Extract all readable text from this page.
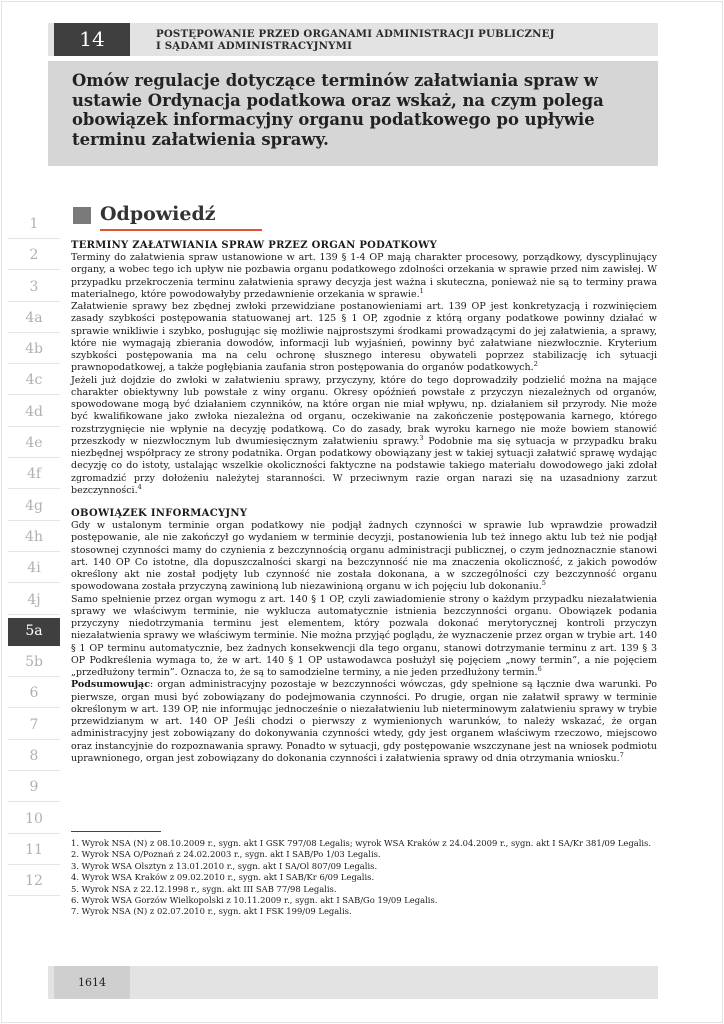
14	POSTĘPOWANIE PRZED ORGANAMI ADMINISTRACJI PUBLICZNEJ
I SĄDAMI ADMINISTRACYJNYMI

Omów regulacje dotyczące terminów załatwiania spraw w ustawie Ordynacja podatkowa oraz wskaż, na czym polega obowiązek informacyjny organu podatkowego po upływie terminu załatwienia sprawy.

1
2
3
4a
4b
4c
4d
4e
4f
4g
4h
4i
4j
5a
5b
6
7
8
9
10
11
12
Odpowiedź
TERMINY ZAŁATWIANIA SPRAW PRZEZ ORGAN PODATKOWY

Terminy do załatwienia spraw ustanowione w art. 139 § 1-4 OP mają charakter procesowy, porządkowy, dyscyplinujący organy, a wobec tego ich upływ nie pozbawia organu podatkowego zdolności orzekania w sprawie przed nim zawisłej. W przypadku przekroczenia terminu załatwienia sprawy decyzja jest ważna i skuteczna, ponieważ nie są to terminy prawa materialnego, które powodowałyby przedawnienie orzekania w sprawie.$^1$

Załatwienie sprawy bez zbędnej zwłoki przewidziane postanowieniami art. 139 OP jest konkretyzacją i rozwinięciem zasady szybkości postępowania statuowanej art. 125 § 1 OP, zgodnie z którą organy podatkowe powinny działać w sprawie wnikliwie i szybko, posługując się możliwie najprostszymi środkami prowadzącymi do jej załatwienia, a sprawy, które nie wymagają zbierania dowodów, informacji lub wyjaśnień, powinny być załatwiane niezwłocznie. Kryterium szybkości postępowania ma na celu ochronę słusznego interesu obywateli poprzez stabilizację ich sytuacji prawnopodatkowej, a także pogłębiania zaufania stron postępowania do organów podatkowych.$^2$

Jeżeli już dojdzie do zwłoki w załatwieniu sprawy, przyczyny, które do tego doprowadziły podzielić można na mające charakter obiektywny lub powstałe z winy organu. Okresy opóźnień powstałe z przyczyn niezależnych od organów, spowodowane mogą być działaniem czynników, na które organ nie miał wpływu, np. działaniem sił przyrody. Nie może być kwalifikowane jako zwłoka niezależna od organu, oczekiwanie na zakończenie postępowania karnego, którego rozstrzygnięcie nie wpłynie na decyzję podatkową. Co do zasady, brak wyroku karnego nie może bowiem stanowić przeszkody w niezwłocznym lub dwumiesięcznym załatwieniu sprawy.$^3$ Podobnie ma się sytuacja w przypadku braku niezbędnej współpracy ze strony podatnika. Organ podatkowy obowiązany jest w takiej sytuacji załatwić sprawę wydając decyzję co do istoty, ustalając wszelkie okoliczności faktyczne na podstawie takiego materiału dowodowego jaki zdołał zgromadzić przy dołożeniu należytej staranności. W przeciwnym razie organ narazi się na uzasadniony zarzut bezczynności.$^4$

OBOWIĄZEK INFORMACYJNY

Gdy w ustalonym terminie organ podatkowy nie podjął żadnych czynności w sprawie lub wprawdzie prowadził postępowanie, ale nie zakończył go wydaniem w terminie decyzji, postanowienia lub też innego aktu lub też nie podjął stosownej czynności mamy do czynienia z bezczynnością organu administracji publicznej, o czym jednoznacznie stanowi art. 140 OP Co istotne, dla dopuszczalności skargi na bezczynność nie ma znaczenia okoliczność, z jakich powodów określony akt nie został podjęty lub czynność nie została dokonana, a w szczególności czy bezczynność organu spowodowana została przyczyną zawinioną lub niezawinioną organu w ich pojęciu lub dokonaniu.$^5$

Samo spełnienie przez organ wymogu z art. 140 § 1 OP, czyli zawiadomienie strony o każdym przypadku niezałatwienia sprawy we właściwym terminie, nie wyklucza automatycznie istnienia bezczynności organu. Obowiązek podania przyczyny niedotrzymania terminu jest elementem, który pozwala dokonać merytorycznej kontroli przyczyn niezałatwienia sprawy we właściwym terminie. Nie można przyjąć poglądu, że wyznaczenie przez organ w trybie art. 140 § 1 OP terminu automatycznie, bez żadnych konsekwencji dla tego organu, stanowi dotrzymanie terminu z art. 139 § 3 OP Podkreślenia wymaga to, że w art. 140 § 1 OP ustawodawca posłużył się pojęciem „nowy termin”, a nie pojęciem „przedłużony termin”. Oznacza to, że są to samodzielne terminy, a nie jeden przedłużony termin.$^6$

Podsumowując: organ administracyjny pozostaje w bezczynności wówczas, gdy spełnione są łącznie dwa warunki. Po pierwsze, organ musi być zobowiązany do podejmowania czynności. Po drugie, organ nie załatwił sprawy w terminie określonym w art. 139 OP, nie informując jednocześnie o niezałatwieniu lub nieterminowym załatwieniu sprawy w trybie przewidzianym w art. 140 OP Jeśli chodzi o pierwszy z wymienionych warunków, to należy wskazać, że organ administracyjny jest zobowiązany do dokonywania czynności wtedy, gdy jest organem właściwym rzeczowo, miejscowo oraz instancyjnie do rozpoznawania sprawy. Ponadto w sytuacji, gdy postępowanie wszczynane jest na wniosek podmiotu uprawnionego, organ jest zobowiązany do dokonania czynności i załatwienia sprawy od dnia otrzymania wniosku.$^7$

1. Wyrok NSA (N) z 08.10.2009 r., sygn. akt I GSK 797/08 Legalis; wyrok WSA Kraków z 24.04.2009 r., sygn. akt I SA/Kr 381/09 Legalis.
2. Wyrok NSA O/Poznań z 24.02.2003 r., sygn. akt I SAB/Po 1/03 Legalis.
3. Wyrok WSA Olsztyn z 13.01.2010 r., sygn. akt I SA/Ol 807/09 Legalis.
4. Wyrok WSA Kraków z 09.02.2010 r., sygn. akt I SAB/Kr 6/09 Legalis.
5. Wyrok NSA z 22.12.1998 r., sygn. akt III SAB 77/98 Legalis.
6. Wyrok WSA Gorzów Wielkopolski z 10.11.2009 r., sygn. akt I SAB/Go 19/09 Legalis.
7. Wyrok NSA (N) z 02.07.2010 r., sygn. akt I FSK 199/09 Legalis.
1614
